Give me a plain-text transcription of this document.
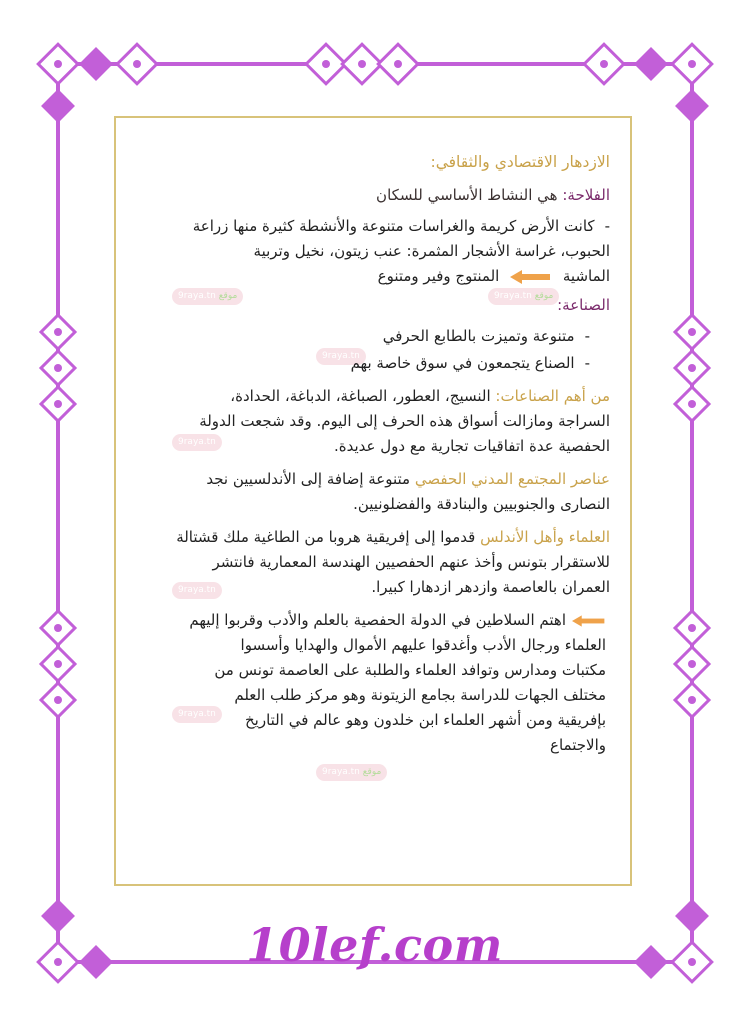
9raya.tn موقع	9raya.tn موقع
9raya.tn
9raya.tn
9raya.tn
9raya.tn
9raya.tn موقع
الازدهار الاقتصادي والثقافي:
الفلاحة: هي النشاط الأساسي للسكان
-كانت الأرض كريمة والغراسات متنوعة والأنشطة كثيرة منها زراعة
الحبوب، غراسة الأشجار المثمرة: عنب زيتون، نخيل وتربية
الماشية  المنتوج وفير ومتنوع
الصناعة:
-متنوعة وتميزت بالطابع الحرفي
-الصناع يتجمعون في سوق خاصة بهم
من أهم الصناعات: النسيج، العطور، الصباغة، الدباغة، الحدادة،
السراجة ومازالت أسواق هذه الحرف إلى اليوم. وقد شجعت الدولة
الحفصية عدة اتفاقيات تجارية مع دول عديدة.
عناصر المجتمع المدني الحفصي متنوعة إضافة إلى الأندلسيين نجد
النصارى والجنوبيين والبنادقة والفضلونيين.
العلماء وأهل الأندلس قدموا إلى إفريقية هروبا من الطاغية ملك قشتالة
للاستقرار بتونس وأخذ عنهم الحفصيين الهندسة المعمارية فانتشر
العمران بالعاصمة وازدهر ازدهارا كبيرا.
اهتم السلاطين في الدولة الحفصية بالعلم والأدب وقربوا إليهم
العلماء ورجال الأدب وأغدقوا عليهم الأموال والهدايا وأسسوا
مكتبات ومدارس وتوافد العلماء والطلبة على العاصمة تونس من
مختلف الجهات للدراسة بجامع الزيتونة وهو مركز طلب العلم
بإفريقية ومن أشهر العلماء ابن خلدون وهو عالم في التاريخ
والاجتماع
10lef.com
